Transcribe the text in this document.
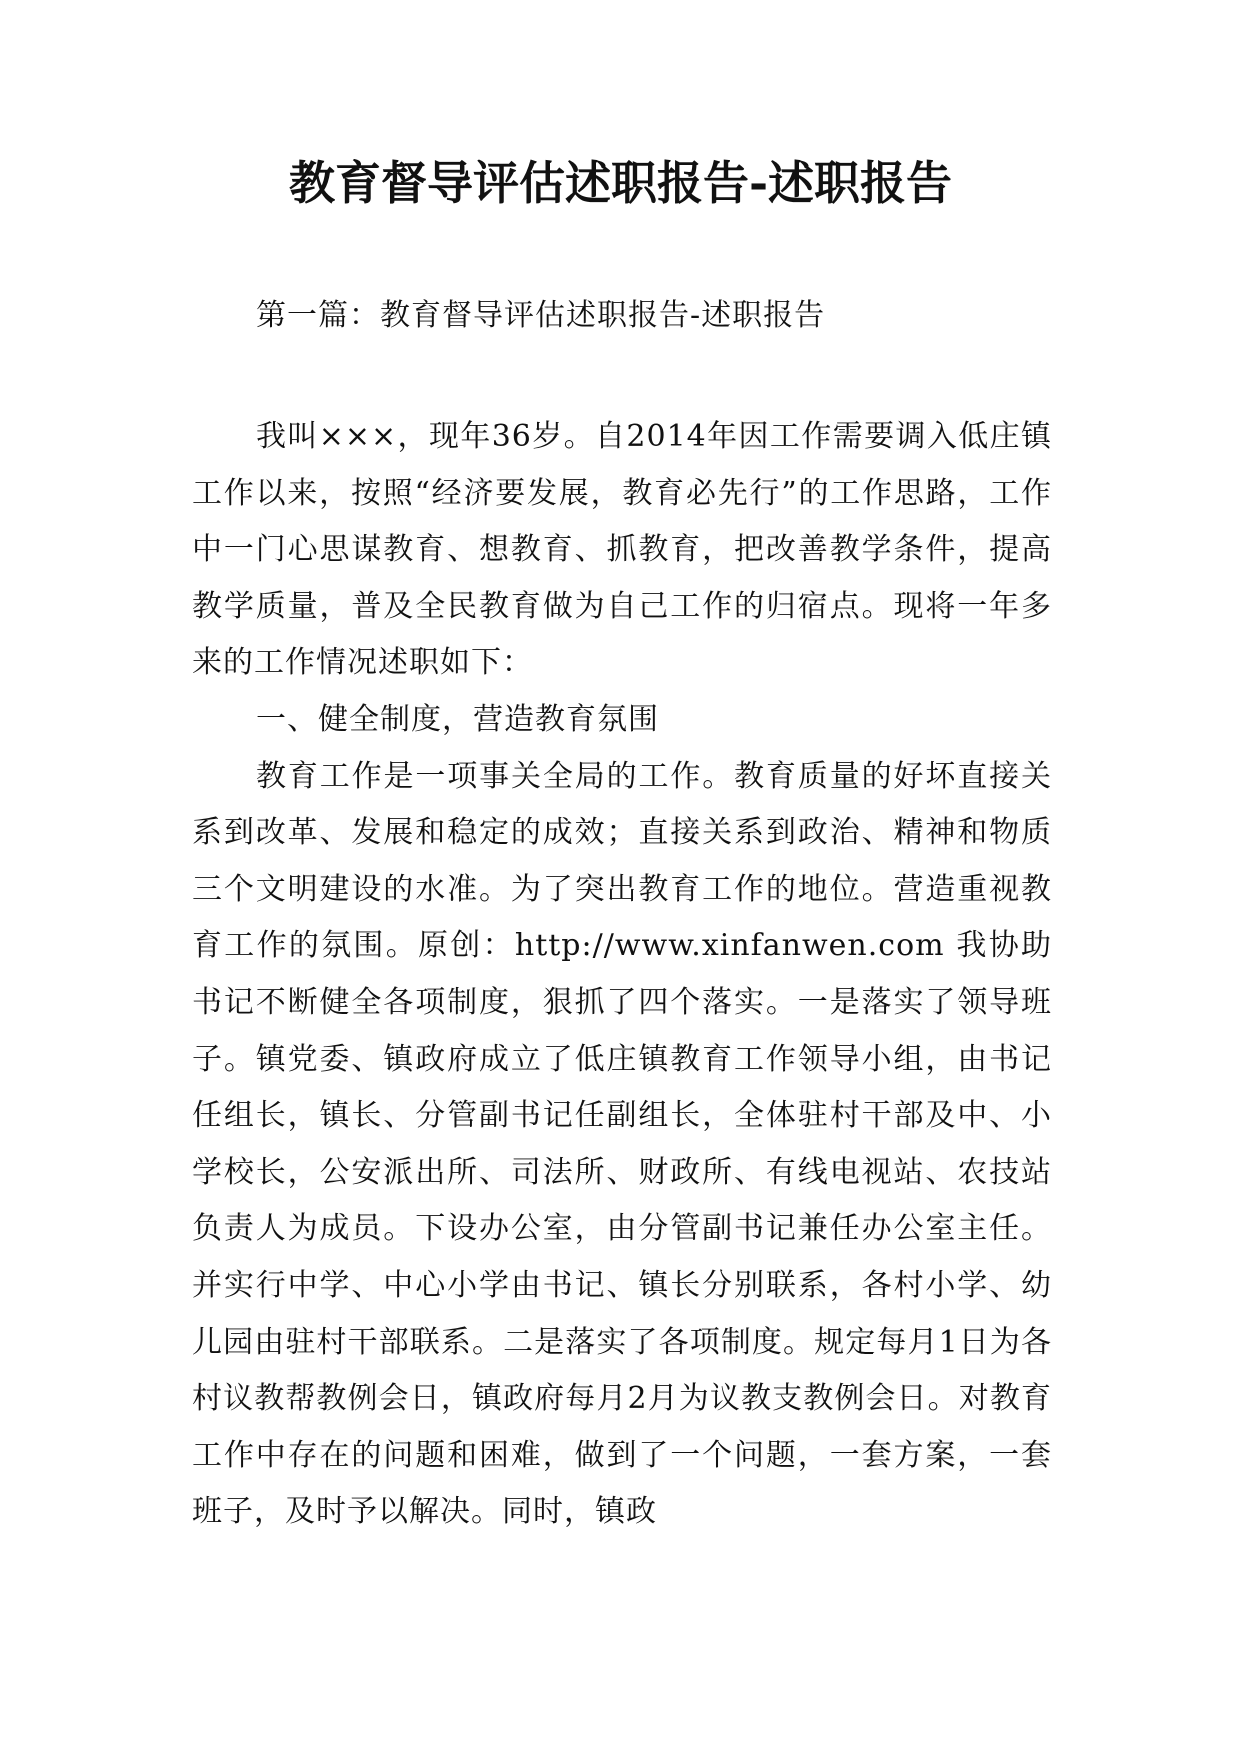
教育督导评估述职报告-述职报告
第一篇：教育督导评估述职报告-述职报告

我叫×××，现年36岁。自2014年因工作需要调入低庄镇工作以来，按照“经济要发展，教育必先行”的工作思路，工作中一门心思谋教育、想教育、抓教育，把改善教学条件，提高教学质量，普及全民教育做为自己工作的归宿点。现将一年多来的工作情况述职如下：

一、健全制度，营造教育氛围

教育工作是一项事关全局的工作。教育质量的好坏直接关系到改革、发展和稳定的成效；直接关系到政治、精神和物质三个文明建设的水准。为了突出教育工作的地位。营造重视教育工作的氛围。原创：http://www.xinfanwen.com 我协助书记不断健全各项制度，狠抓了四个落实。一是落实了领导班子。镇党委、镇政府成立了低庄镇教育工作领导小组，由书记任组长，镇长、分管副书记任副组长，全体驻村干部及中、小学校长，公安派出所、司法所、财政所、有线电视站、农技站负责人为成员。下设办公室，由分管副书记兼任办公室主任。并实行中学、中心小学由书记、镇长分别联系，各村小学、幼儿园由驻村干部联系。二是落实了各项制度。规定每月1日为各村议教帮教例会日，镇政府每月2月为议教支教例会日。对教育工作中存在的问题和困难，做到了一个问题，一套方案，一套班子，及时予以解决。同时，镇政
